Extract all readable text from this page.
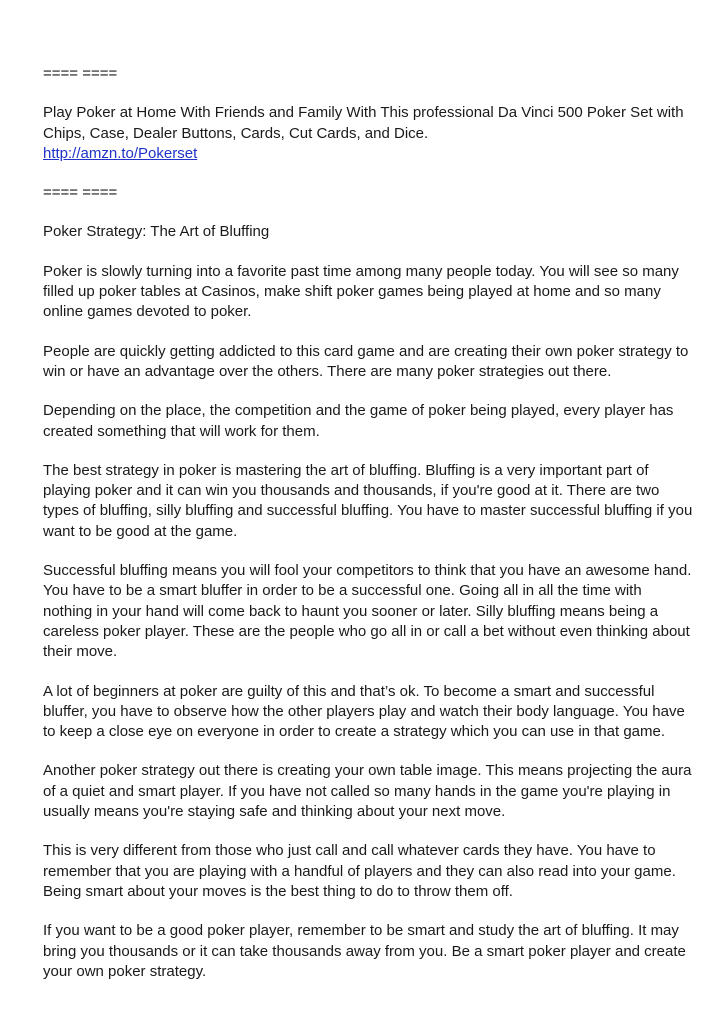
==== ====
Play Poker at Home With Friends and Family With This professional Da Vinci 500 Poker Set with Chips, Case, Dealer Buttons, Cards, Cut Cards, and Dice.
http://amzn.to/Pokerset
==== ====
Poker Strategy: The Art of Bluffing
Poker is slowly turning into a favorite past time among many people today. You will see so many filled up poker tables at Casinos, make shift poker games being played at home and so many online games devoted to poker.
People are quickly getting addicted to this card game and are creating their own poker strategy to win or have an advantage over the others. There are many poker strategies out there.
Depending on the place, the competition and the game of poker being played, every player has created something that will work for them.
The best strategy in poker is mastering the art of bluffing. Bluffing is a very important part of playing poker and it can win you thousands and thousands, if you're good at it. There are two types of bluffing, silly bluffing and successful bluffing. You have to master successful bluffing if you want to be good at the game.
Successful bluffing means you will fool your competitors to think that you have an awesome hand. You have to be a smart bluffer in order to be a successful one. Going all in all the time with nothing in your hand will come back to haunt you sooner or later. Silly bluffing means being a careless poker player. These are the people who go all in or call a bet without even thinking about their move.
A lot of beginners at poker are guilty of this and that’s ok. To become a smart and successful bluffer, you have to observe how the other players play and watch their body language. You have to keep a close eye on everyone in order to create a strategy which you can use in that game.
Another poker strategy out there is creating your own table image. This means projecting the aura of a quiet and smart player. If you have not called so many hands in the game you're playing in usually means you're staying safe and thinking about your next move.
This is very different from those who just call and call whatever cards they have. You have to remember that you are playing with a handful of players and they can also read into your game. Being smart about your moves is the best thing to do to throw them off.
If you want to be a good poker player, remember to be smart and study the art of bluffing. It may bring you thousands or it can take thousands away from you. Be a smart poker player and create your own poker strategy.
